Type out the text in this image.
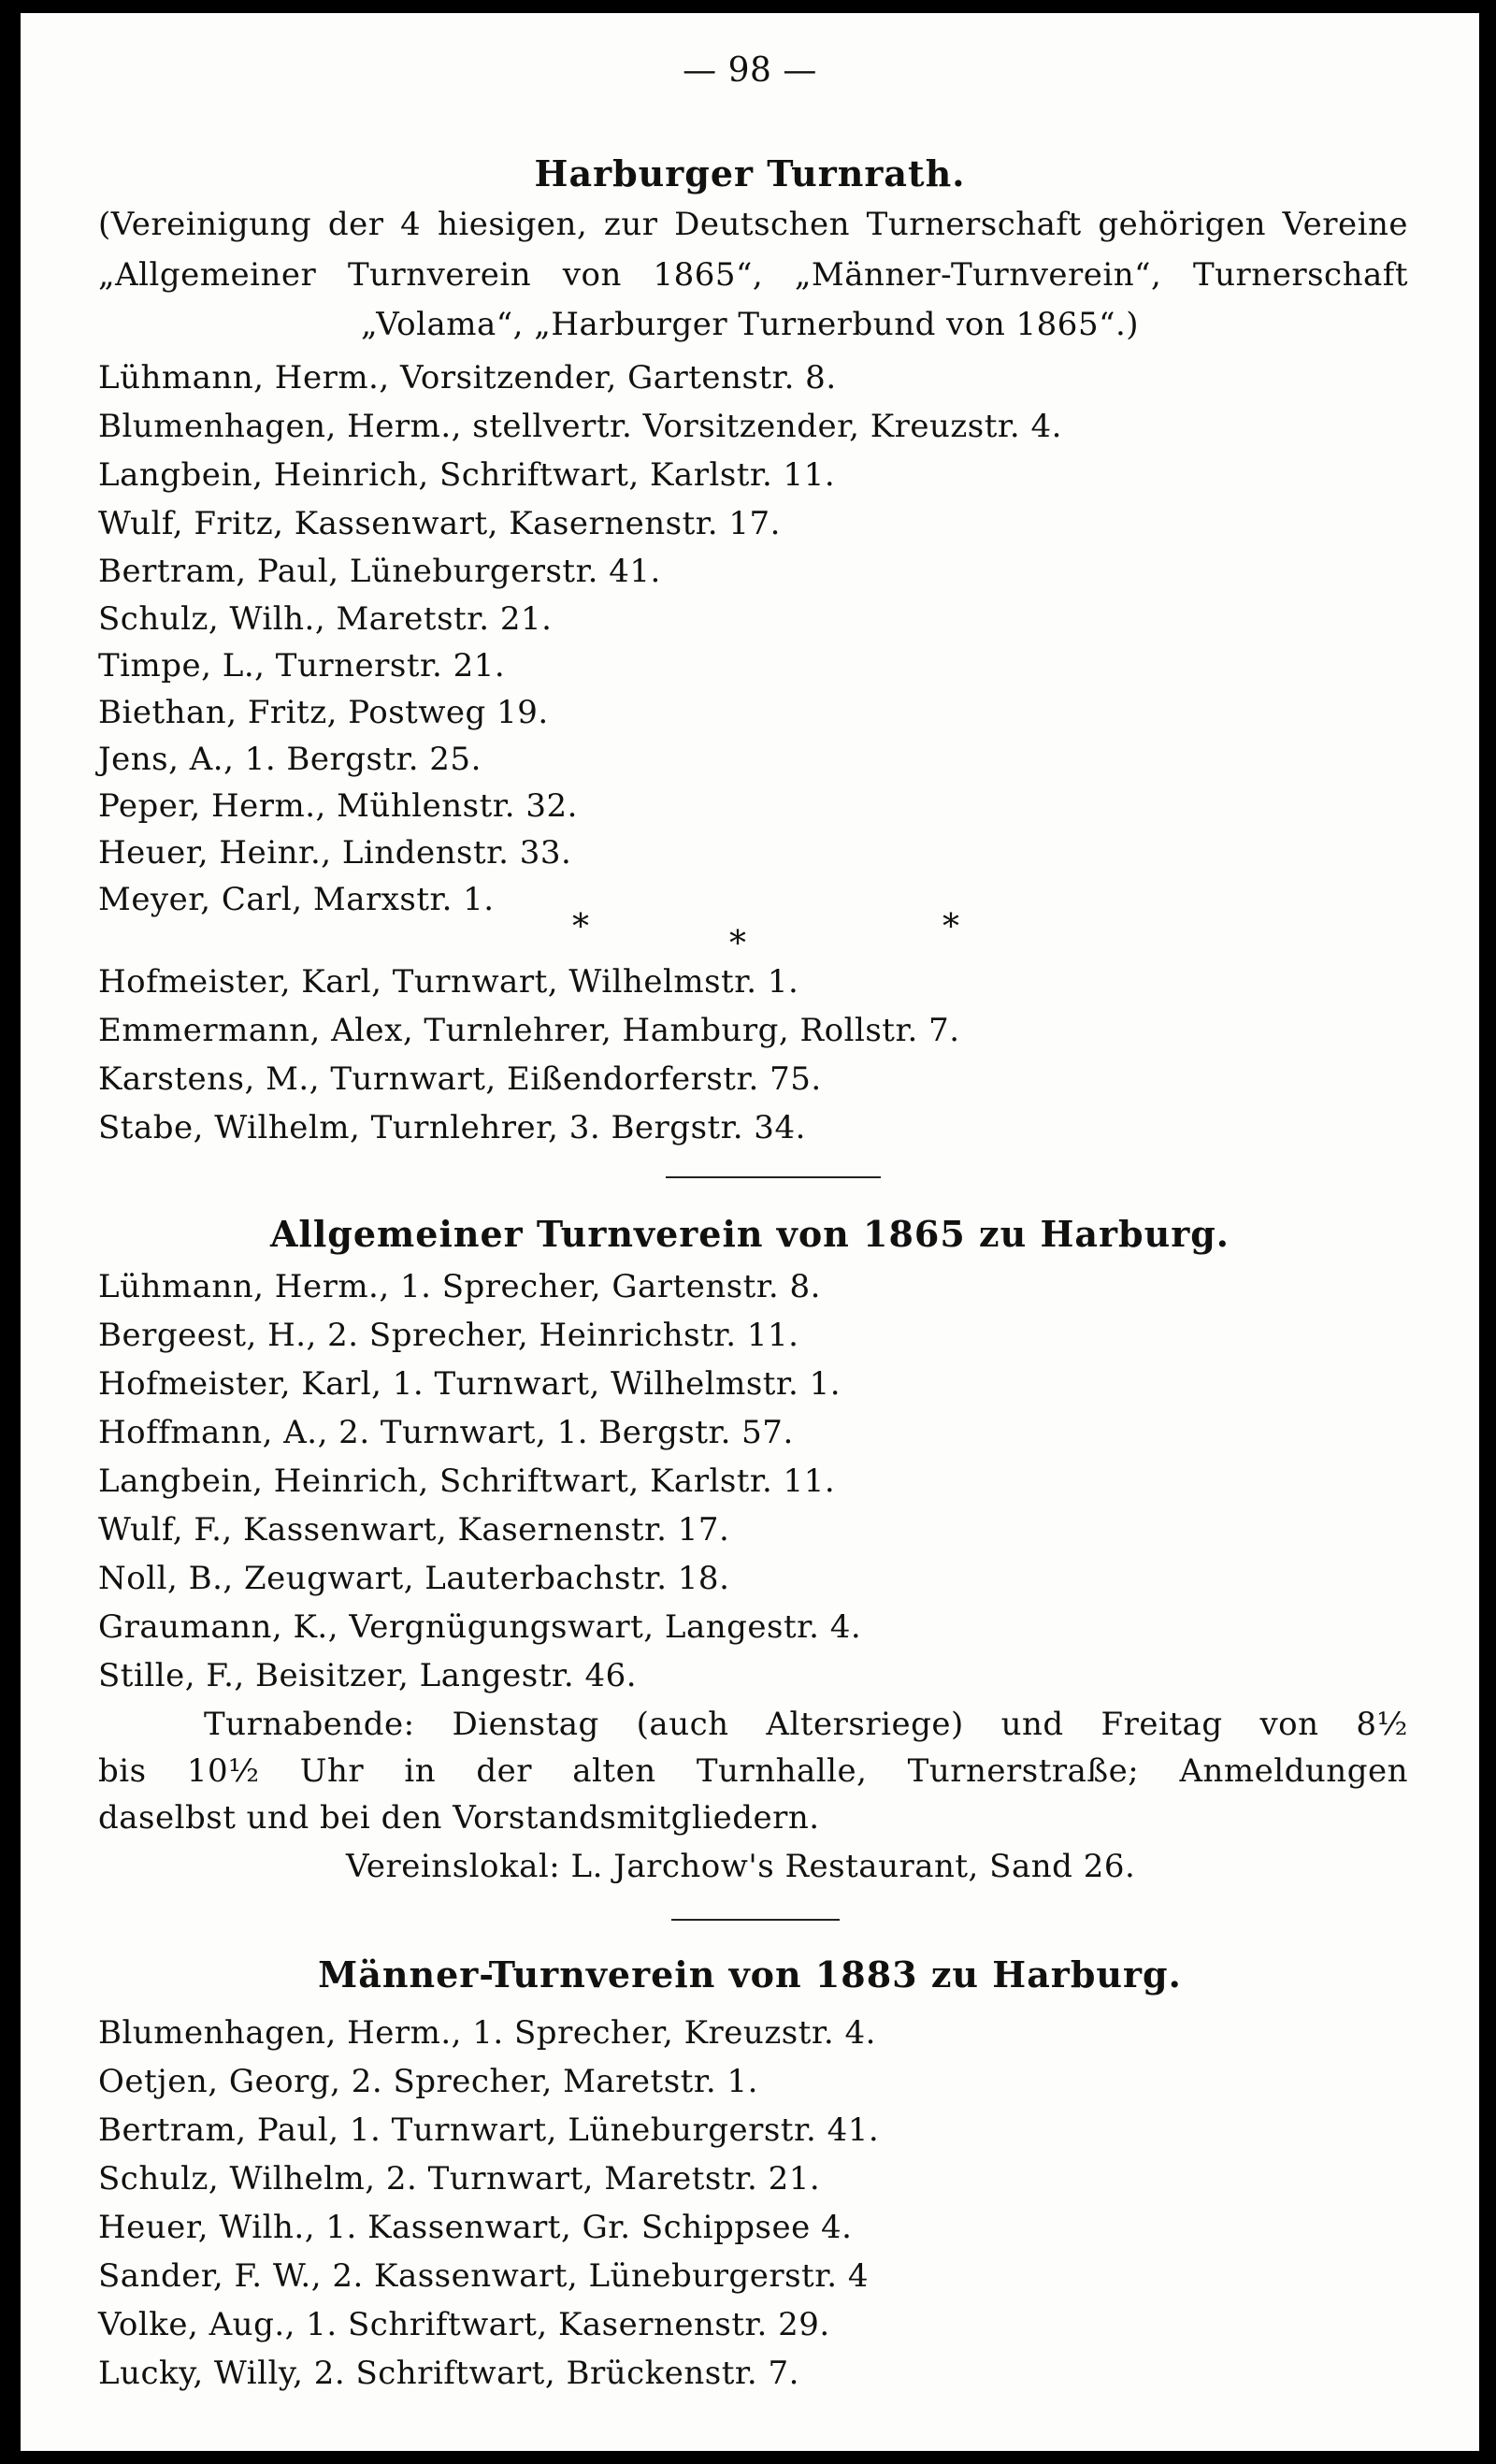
— 98 —
Harburger Turnrath.
(Vereinigung der 4 hiesigen, zur Deutschen Turnerschaft gehörigen Vereine
„Allgemeiner Turnverein von 1865“, „Männer-Turnverein“, Turnerschaft
„Volama“, „Harburger Turnerbund von 1865“.)
Lühmann, Herm., Vorsitzender, Gartenstr. 8.
Blumenhagen, Herm., stellvertr. Vorsitzender, Kreuzstr. 4.
Langbein, Heinrich, Schriftwart, Karlstr. 11.
Wulf, Fritz, Kassenwart, Kasernenstr. 17.
Bertram, Paul, Lüneburgerstr. 41.
Schulz, Wilh., Maretstr. 21.
Timpe, L., Turnerstr. 21.
Biethan, Fritz, Postweg 19.
Jens, A., 1. Bergstr. 25.
Peper, Herm., Mühlenstr. 32.
Heuer, Heinr., Lindenstr. 33.
Meyer, Carl, Marxstr. 1.
*	*	*
Hofmeister, Karl, Turnwart, Wilhelmstr. 1.
Emmermann, Alex, Turnlehrer, Hamburg, Rollstr. 7.
Karstens, M., Turnwart, Eißendorferstr. 75.
Stabe, Wilhelm, Turnlehrer, 3. Bergstr. 34.
Allgemeiner Turnverein von 1865 zu Harburg.
Lühmann, Herm., 1. Sprecher, Gartenstr. 8.
Bergeest, H., 2. Sprecher, Heinrichstr. 11.
Hofmeister, Karl, 1. Turnwart, Wilhelmstr. 1.
Hoffmann, A., 2. Turnwart, 1. Bergstr. 57.
Langbein, Heinrich, Schriftwart, Karlstr. 11.
Wulf, F., Kassenwart, Kasernenstr. 17.
Noll, B., Zeugwart, Lauterbachstr. 18.
Graumann, K., Vergnügungswart, Langestr. 4.
Stille, F., Beisitzer, Langestr. 46.
Turnabende: Dienstag (auch Altersriege) und Freitag von 8½
bis 10½ Uhr in der alten Turnhalle, Turnerstraße; Anmeldungen
daselbst und bei den Vorstandsmitgliedern.
Vereinslokal: L. Jarchow's Restaurant, Sand 26.
Männer-Turnverein von 1883 zu Harburg.
Blumenhagen, Herm., 1. Sprecher, Kreuzstr. 4.
Oetjen, Georg, 2. Sprecher, Maretstr. 1.
Bertram, Paul, 1. Turnwart, Lüneburgerstr. 41.
Schulz, Wilhelm, 2. Turnwart, Maretstr. 21.
Heuer, Wilh., 1. Kassenwart, Gr. Schippsee 4.
Sander, F. W., 2. Kassenwart, Lüneburgerstr. 4
Volke, Aug., 1. Schriftwart, Kasernenstr. 29.
Lucky, Willy, 2. Schriftwart, Brückenstr. 7.
